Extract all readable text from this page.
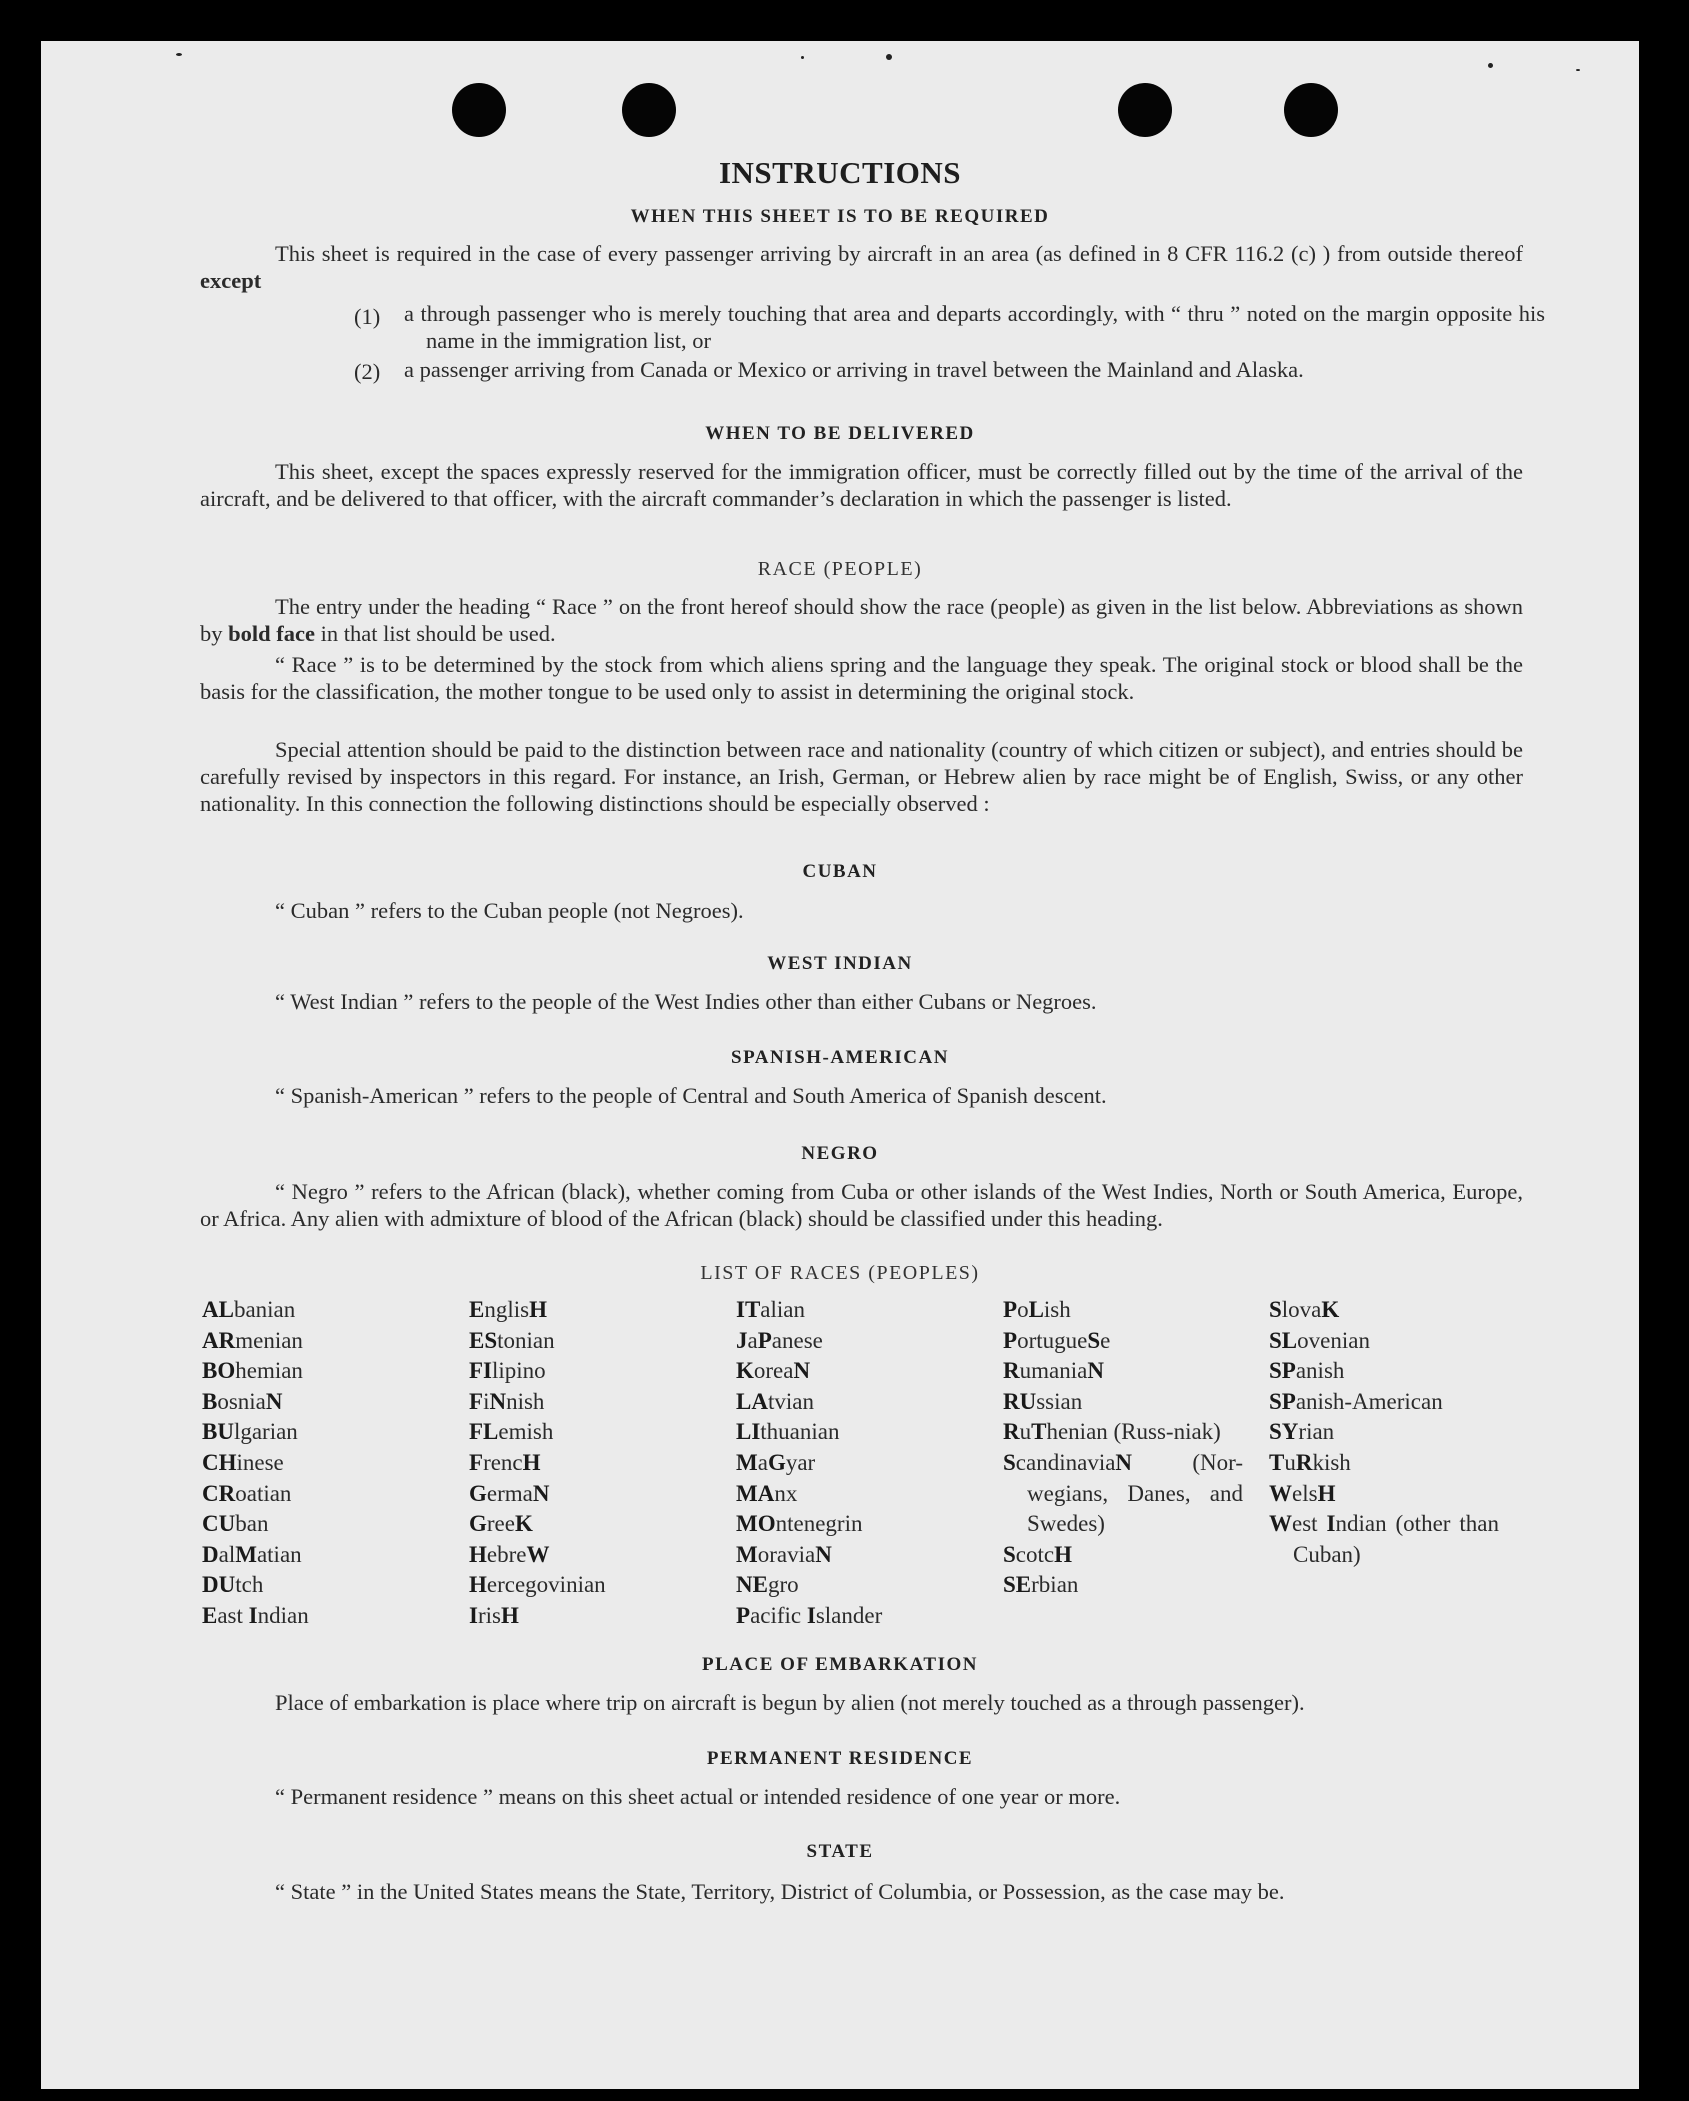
INSTRUCTIONS
WHEN THIS SHEET IS TO BE REQUIRED
This sheet is required in the case of every passenger arriving by aircraft in an area (as defined in 8 CFR 116.2 (c) ) from outside thereof except
(1) a through passenger who is merely touching that area and departs accordingly, with “ thru ” noted on the margin opposite his name in the immigration list, or
(2) a passenger arriving from Canada or Mexico or arriving in travel between the Mainland and Alaska.
WHEN TO BE DELIVERED
This sheet, except the spaces expressly reserved for the immigration officer, must be correctly filled out by the time of the arrival of the aircraft, and be delivered to that officer, with the aircraft commander’s declaration in which the passenger is listed.
RACE (PEOPLE)
The entry under the heading “ Race ” on the front hereof should show the race (people) as given in the list below. Abbreviations as shown by bold face in that list should be used.
“ Race ” is to be determined by the stock from which aliens spring and the language they speak. The original stock or blood shall be the basis for the classification, the mother tongue to be used only to assist in determining the original stock.
Special attention should be paid to the distinction between race and nationality (country of which citizen or subject), and entries should be carefully revised by inspectors in this regard. For instance, an Irish, German, or Hebrew alien by race might be of English, Swiss, or any other nationality. In this connection the following distinctions should be especially observed :
CUBAN
“ Cuban ” refers to the Cuban people (not Negroes).
WEST INDIAN
“ West Indian ” refers to the people of the West Indies other than either Cubans or Negroes.
SPANISH-AMERICAN
“ Spanish-American ” refers to the people of Central and South America of Spanish descent.
NEGRO
“ Negro ” refers to the African (black), whether coming from Cuba or other islands of the West Indies, North or South America, Europe, or Africa. Any alien with admixture of blood of the African (black) should be classified under this heading.
LIST OF RACES (PEOPLES)
ALbanian
ARmenian
BOhemian
BosniaN
BUlgarian
CHinese
CRoatian
CUban
DalMatian
DUtch
East Indian
EnglisH
EStonian
FIlipino
FiNnish
FLemish
FrencH
GermaN
GreeK
HebreW
Hercegovinian
IrisH
ITalian
JaPanese
KoreaN
LAtvian
LIthuanian
MaGyar
MAnx
MOntenegrin
MoraviaN
NEgro
Pacific Islander
PoLish
PortugueSe
RumaniaN
RUssian
RuThenian (Russ-niak)
ScandinaviaN (Nor-wegians, Danes, and Swedes)
ScotcH
SErbian
SlovaK
SLovenian
SPanish
SPanish-American
SYrian
TuRkish
WelsH
West Indian (other than Cuban)
PLACE OF EMBARKATION
Place of embarkation is place where trip on aircraft is begun by alien (not merely touched as a through passenger).
PERMANENT RESIDENCE
“ Permanent residence ” means on this sheet actual or intended residence of one year or more.
STATE
“ State ” in the United States means the State, Territory, District of Columbia, or Possession, as the case may be.
